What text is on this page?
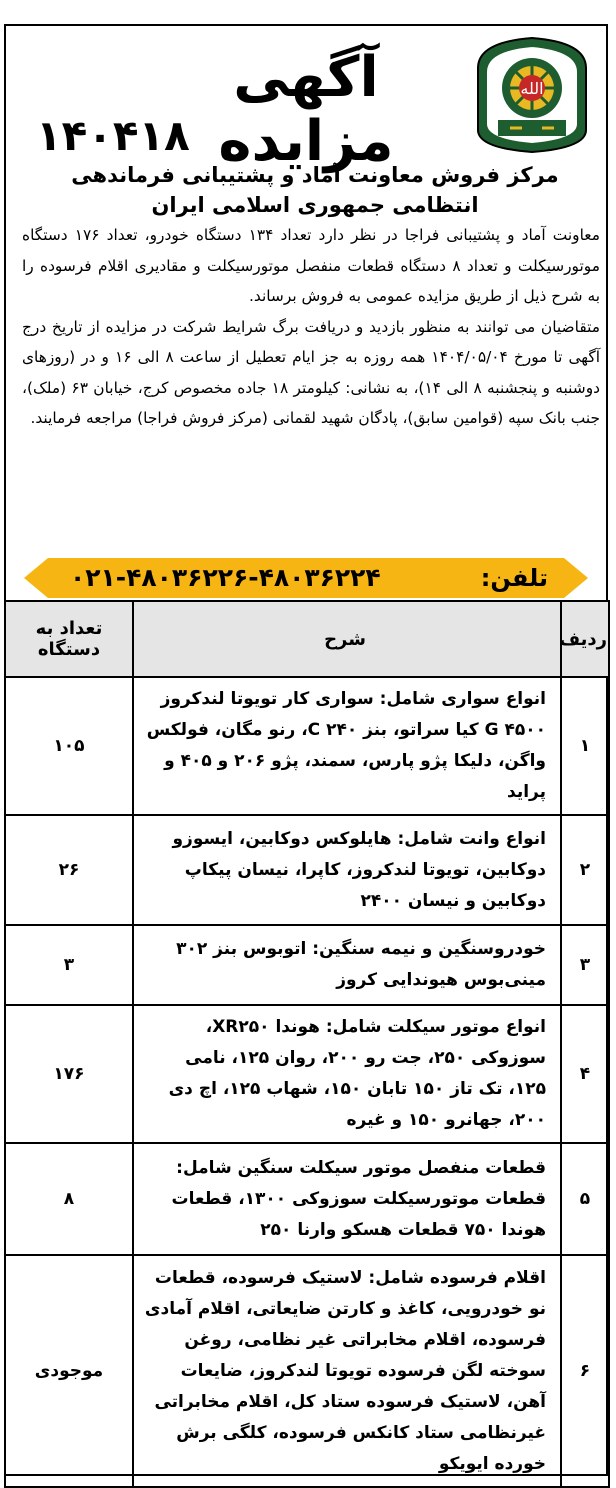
الله
آگهی مزایده
۱۴۰۴۱۸
مرکز فروش معاونت آماد و پشتیبانی فرماندهی انتظامی جمهوری اسلامی ایران

معاونت آماد و پشتیبانی فراجا در نظر دارد تعداد ۱۳۴ دستگاه خودرو، تعداد ۱۷۶ دستگاه موتورسیکلت و تعداد ۸ دستگاه قطعات منفصل موتورسیکلت و مقادیری اقلام فرسوده را به شرح ذیل از طریق مزایده عمومی به فروش برساند.

متقاضیان می توانند به منظور بازدید و دریافت برگ شرایط شرکت در مزایده از تاریخ درج آگهی تا مورخ ۱۴۰۴/۰۵/۰۴ همه روزه به جز ایام تعطیل از ساعت ۸ الی ۱۶ و در (روزهای دوشنبه و پنجشنبه ۸ الی ۱۴)، به نشانی: کیلومتر ۱۸ جاده مخصوص کرج، خیابان ۶۳ (ملک)، جنب بانک سپه (قوامین سابق)، پادگان شهید لقمانی (مرکز فروش فراجا) مراجعه فرمایند.

تلفن:
۰۲۱-۴۸۰۳۶۲۲۶-۴۸۰۳۶۲۲۴
ردیف	شرح	تعداد به دستگاه
۱	انواع سواری شامل: سواری کار تویوتا لندکروز G ۴۵۰۰ کیا سراتو، بنز C ۲۴۰، رنو مگان، فولکس واگن، دلیکا پژو پارس، سمند، پژو ۲۰۶ و ۴۰۵ و پراید	۱۰۵
۲	انواع وانت شامل: هایلوکس دوکابین، ایسوزو دوکابین، تویوتا لندکروز، کاپرا، نیسان پیکاپ دوکابین و نیسان ۲۴۰۰	۲۶
۳	خودروسنگین و نیمه سنگین: اتوبوس بنز ۳۰۲ مینی‌بوس هیوندایی کروز	۳
۴	انواع موتور سیکلت شامل: هوندا XR۲۵۰، سوزوکی ۲۵۰، جت رو ۲۰۰، روان ۱۲۵، نامی ۱۲۵، تک تاز ۱۵۰ تابان ۱۵۰، شهاب ۱۲۵، اچ دی ۲۰۰، جهانرو ۱۵۰ و غیره	۱۷۶
۵	قطعات منفصل موتور سیکلت سنگین شامل: قطعات موتورسیکلت سوزوکی ۱۳۰۰، قطعات هوندا ۷۵۰ قطعات هسکو وارنا ۲۵۰	۸
۶	اقلام فرسوده شامل: لاستیک فرسوده، قطعات نو خودرویی، کاغذ و کارتن ضایعاتی، اقلام آمادی فرسوده، اقلام مخابراتی غیر نظامی، روغن سوخته لگن فرسوده تویوتا لندکروز، ضایعات آهن، لاستیک فرسوده ستاد کل، اقلام مخابراتی غیرنظامی ستاد کانکس فرسوده، کلگی برش خورده ایویکو	موجودی
